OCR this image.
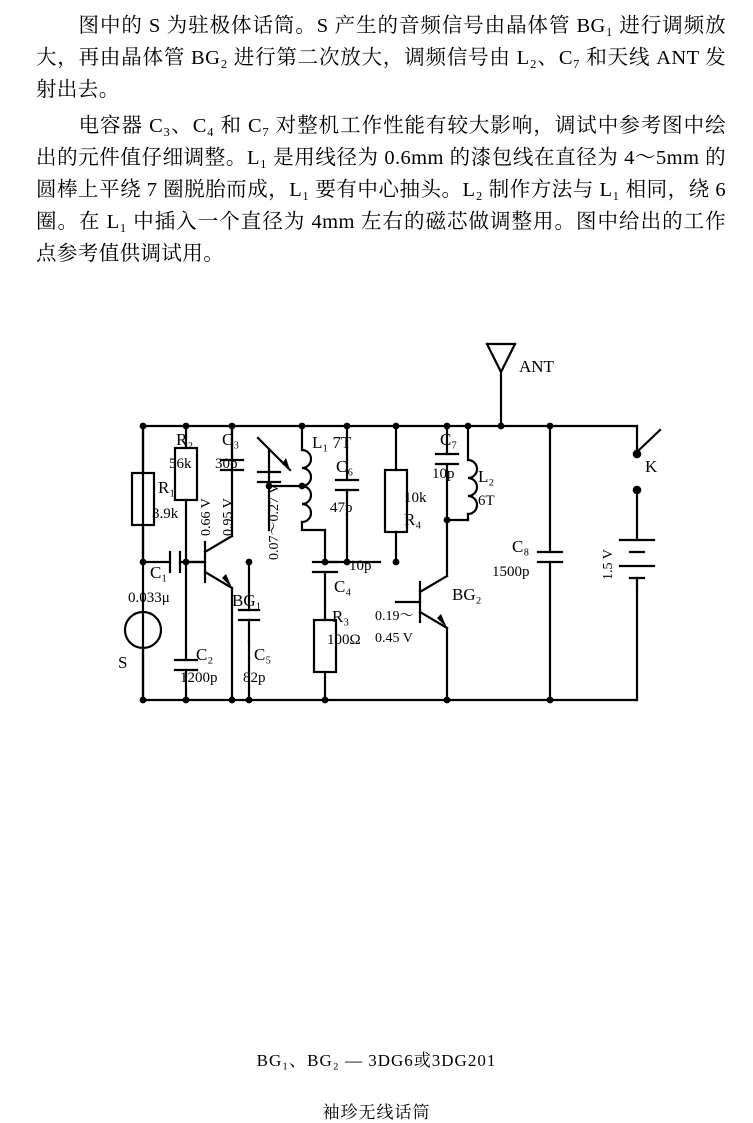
图中的 S 为驻极体话筒。S 产生的音频信号由晶体管 BG₁ 进行调频放大，再由晶体管 BG₂ 进行第二次放大，调频信号由 L₂、C₇ 和天线 ANT 发射出去。

电容器 C₃、C₄ 和 C₇ 对整机工作性能有较大影响，调试中参考图中绘出的元件值仔细调整。L₁ 是用线径为 0.6mm 的漆包线在直径为 4～5mm 的圆棒上平绕 7 圈脱胎而成，L₁ 要有中心抽头。L₂ 制作方法与 L₁ 相同，绕 6 圈。在 L₁ 中插入一个直径为 4mm 左右的磁芯做调整用。图中给出的工作点参考值供调试用。

ANT
K
S
R₁
3.9k
R₂
56k
R₃
100Ω
R₄
10k
C₁
0.033μ
C₂
1200p
C₃
30p
C₄
10p
C₅
82p
C₆
47p
C₇
10p
C₈
1500p
L₁ 7T
L₂
6T
BG₁	BG₂
0.95 V
0.66 V	0.07～0.27 V
0.19～
0.45 V
1.5 V
BG₁、BG₂ — 3DG6或3DG201
袖珍无线话筒
